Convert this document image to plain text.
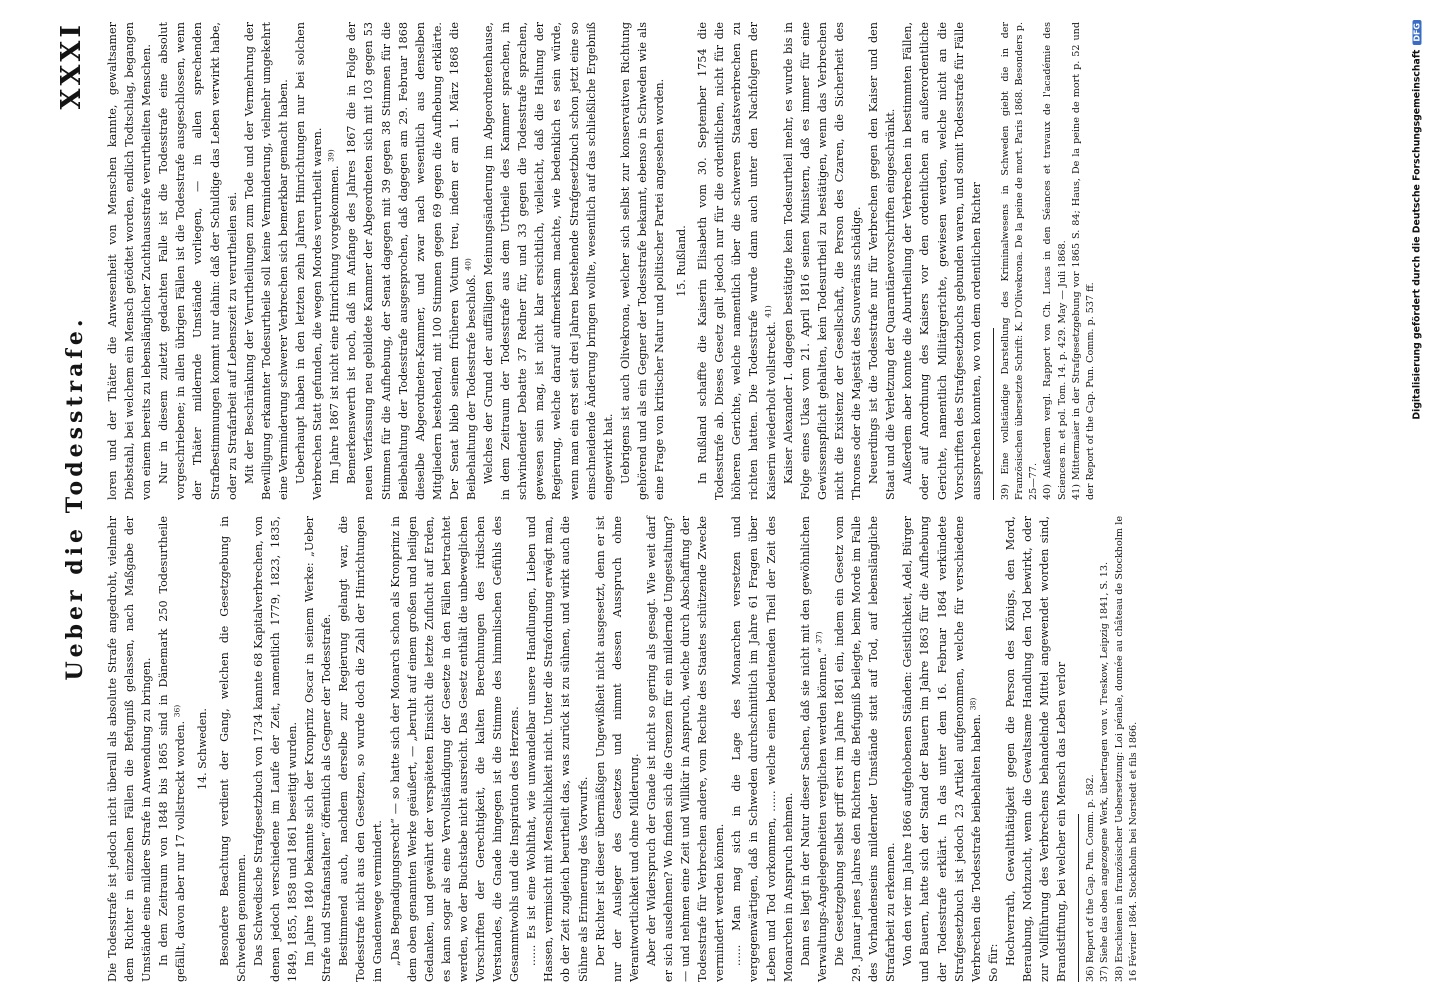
Ueber die Todesstrafe.
XXXI

Die Todesstrafe ist jedoch nicht überall als absolute Strafe angedroht, vielmehr dem Richter in einzelnen Fällen die Befugniß gelassen, nach Maßgabe der Umstände eine mildere Strafe in Anwendung zu bringen. In dem Zeitraum von 1848 bis 1865 sind in Dänemark 250 Todesurtheile gefällt, davon aber nur 17 vollstreckt worden. $^{36)}$	14. Schweden. Besondere Beachtung verdient der Gang, welchen die Gesetzgebung in Schweden genommen. Das Schwedische Strafgesetzbuch von 1734 kannte 68 Kapitalverbrechen, von denen jedoch verschiedene im Laufe der Zeit, namentlich 1779, 1823, 1835, 1849, 1855, 1858 und 1861 beseitigt wurden. Im Jahre 1840 bekannte sich der Kronprinz Oscar in seinem Werke: „Ueber Strafe und Strafanstalten“ öffentlich als Gegner der Todesstrafe. Bestimmend auch, nachdem derselbe zur Regierung gelangt war, die Todesstrafe nicht aus den Gesetzen, so wurde doch die Zahl der Hinrichtungen im Gnadenwege vermindert. „Das Begnadigungsrecht“ — so hatte sich der Monarch schon als Kronprinz in dem oben genannten Werke geäußert, — „beruht auf einem großen und heiligen Gedanken, und gewährt der verspäteten Einsicht die letzte Zuflucht auf Erden, es kann sogar als eine Vervollständigung der Gesetze in den Fällen betrachtet werden, wo der Buchstabe nicht ausreicht. Das Gesetz enthält die unbeweglichen Vorschriften der Gerechtigkeit, die kalten Berechnungen des irdischen Verstandes, die Gnade hingegen ist die Stimme des himmlischen Gefühls des Gesammtwohls und die Inspiration des Herzens. ...... Es ist eine Wohlthat, wie unwandelbar unsere Handlungen, Lieben und Hassen, vermischt mit Menschlichkeit nicht. Unter die Strafordnung erwägt man, ob der Zeit zugleich beurtheilt das, was zurück ist zu sühnen, und wirkt auch die Sühne als Erinnerung des Vorwurfs. Der Richter ist dieser übermäßigen Ungewißheit nicht ausgesetzt, denn er ist nur der Ausleger des Gesetzes und nimmt dessen Ausspruch ohne Verantwortlichkeit und ohne Milderung. Aber der Widerspruch der Gnade ist nicht so gering als gesagt. Wie weit darf er sich ausdehnen? Wo finden sich die Grenzen für ein mildernde Umgestaltung? — und nehmen eine Zeit und Willkür in Anspruch, welche durch Abschaffung der Todesstrafe für Verbrechen andere, vom Rechte des Staates schützende Zwecke vermindert werden können. ...... Man mag sich in die Lage des Monarchen versetzen und vergegenwärtigen, daß in Schweden durchschnittlich im Jahre 61 Fragen über Leben und Tod vorkommen, ...... welche einen bedeutenden Theil der Zeit des Monarchen in Anspruch nehmen. Dann es liegt in der Natur dieser Sachen, daß sie nicht mit den gewöhnlichen Verwaltungs-Angelegenheiten verglichen werden können.“ $^{37)}$ Die Gesetzgebung selbst griff erst im Jahre 1861 ein, indem ein Gesetz vom 29. Januar jenes Jahres den Richtern die Befugniß beilegte, beim Morde im Falle des Vorhandenseins mildernder Umstände statt auf Tod, auf lebenslängliche Strafarbeit zu erkennen. Von den vier im Jahre 1866 aufgehobenen Ständen: Geistlichkeit, Adel, Bürger und Bauern, hatte sich der Stand der Bauern im Jahre 1863 für die Aufhebung der Todesstrafe erklärt. In das unter dem 16. Februar 1864 verkündete Strafgesetzbuch ist jedoch 23 Artikel aufgenommen, welche für verschiedene Verbrechen die Todesstrafe beibehalten haben. $^{38)}$

So für: Hochverrath, Gewaltthätigkeit gegen die Person des Königs, den Mord, Beraubung, Nothzucht, wenn die Gewaltsame Handlung den Tod bewirkt, oder zur Vollführung des Verbrechens behandelnde Mittel angewendet worden sind, Brandstiftung, bei welcher ein Mensch das Leben verlor 36) Report of the Cap. Pun. Comm. p. 582. 37) Siehe das oben angezogene Werk, übertragen von v. Treskow, Leipzig 1841, S. 13. 38) Erschienen in französischer Uebersetzung: Loi pénale, donnée au château de Stockholm le 16 Février 1864. Stockholm bei Norstedt et fils 1866.

loren und der Thäter die Anwesenheit von Menschen kannte, gewaltsamer Diebstahl, bei welchem ein Mensch getödtet worden, endlich Todtschlag, begangen von einem bereits zu lebenslänglicher Zuchthausstrafe verurtheilten Menschen. Nur in diesem zuletzt gedachten Falle ist die Todesstrafe eine absolut vorgeschriebene; in allen übrigen Fällen ist die Todesstrafe ausgeschlossen, wenn der Thäter mildernde Umstände vorliegen, — in allen sprechenden Strafbestimmungen kommt nur dahin: daß der Schuldige das Leben verwirkt habe, oder zu Strafarbeit auf Lebenszeit zu verurtheilen sei. Mit der Beschränkung der Verurtheilungen zum Tode und der Vermehrung der Bewilligung erkannter Todesurtheile soll keine Verminderung, vielmehr umgekehrt eine Verminderung schwerer Verbrechen sich bemerkbar gemacht haben. Ueberhaupt haben in den letzten zehn Jahren Hinrichtungen nur bei solchen Verbrechen Statt gefunden, die wegen Mordes verurtheilt waren. Im Jahre 1867 ist nicht eine Hinrichtung vorgekommen. $^{39)}$ Bemerkenswerth ist noch, daß im Anfange des Jahres 1867 die in Folge der neuen Verfassung neu gebildete Kammer der Abgeordneten sich mit 103 gegen 53 Stimmen für die Aufhebung, der Senat dagegen mit 39 gegen 38 Stimmen für die Beibehaltung der Todesstrafe ausgesprochen, daß dagegen am 29. Februar 1868 dieselbe Abgeordneten-Kammer, und zwar nach wesentlich aus denselben Mitgliedern bestehend, mit 100 Stimmen gegen 69 gegen die Aufhebung erklärte. Der Senat blieb seinem früheren Votum treu, indem er am 1. März 1868 die Beibehaltung der Todesstrafe beschloß. $^{40)}$ Welches der Grund der auffälligen Meinungsänderung im Abgeordnetenhause, in dem Zeitraum der Todesstrafe aus dem Urtheile des Kammer sprachen, in schwindender Debatte 37 Redner für, und 33 gegen die Todesstrafe sprachen, gewesen sein mag, ist nicht klar ersichtlich, vielleicht, daß die Haltung der Regierung, welche darauf aufmerksam machte, wie bedenklich es sein würde, wenn man ein erst seit drei Jahren bestehende Strafgesetzbuch schon jetzt eine so einschneidende Änderung bringen wollte, wesentlich auf das schließliche Ergebniß eingewirkt hat. Uebrigens ist auch Olivekrona, welcher sich selbst zur konservativen Richtung gehörend und als ein Gegner der Todesstrafe bekannt, ebenso in Schweden wie als eine Frage von kritischer Natur und politischer Partei angesehen worden. 15. Rußland. In Rußland schaffte die Kaiserin Elisabeth vom 30. September 1754 die Todesstrafe ab. Dieses Gesetz galt jedoch nur für die ordentlichen, nicht für die höheren Gerichte, welche namentlich über die schweren Staatsverbrechen zu richten hatten. Die Todesstrafe wurde dann auch unter den Nachfolgern der Kaiserin wiederholt vollstreckt. $^{41)}$ Kaiser Alexander I. dagegen bestätigte kein Todesurtheil mehr, es wurde bis in Folge eines Ukas vom 21. April 1816 seinen Ministern, daß es immer für eine Gewissenspflicht gehalten, kein Todesurtheil zu bestätigen, wenn das Verbrechen nicht die Existenz der Gesellschaft, die Person des Czaren, die Sicherheit des Thrones oder die Majestät des Souveräns schädige. Neuerdings ist die Todesstrafe nur für Verbrechen gegen den Kaiser und den Staat und die Verletzung der Quarantänevorschriften eingeschränkt. Außerdem aber konnte die Aburtheilung der Verbrechen in bestimmten Fällen, oder auf Anordnung des Kaisers vor den ordentlichen an außerordentliche Gerichte, namentlich Militärgerichte, gewiesen werden, welche nicht an die Vorschriften des Strafgesetzbuchs gebunden waren, und somit Todesstrafe für Fälle aussprechen konnten, wo von dem ordentlichen Richter 39) Eine vollständige Darstellung des Kriminalwesens in Schweden giebt die in der Französischen übersetzte Schrift: K. D'Olivekrona. De la peine de mort. Paris 1868. Besonders p. 25—77. 40) Außerdem vergl. Rapport von Ch. Lucas in den Séances et travaux de l'académie des Sciences m. et pol. Tom. 14. p. 429. May — Juli 1868. 41) Mittermaier in der Strafgesetzgebung vor 1865 S. 84; Haus, De la peine de mort p. 52 und der Report of the Cap. Pun. Comm. p. 537 ff.	Digitalisierung gefördert durch die Deutsche ForschungsgemeinschaftDFG
